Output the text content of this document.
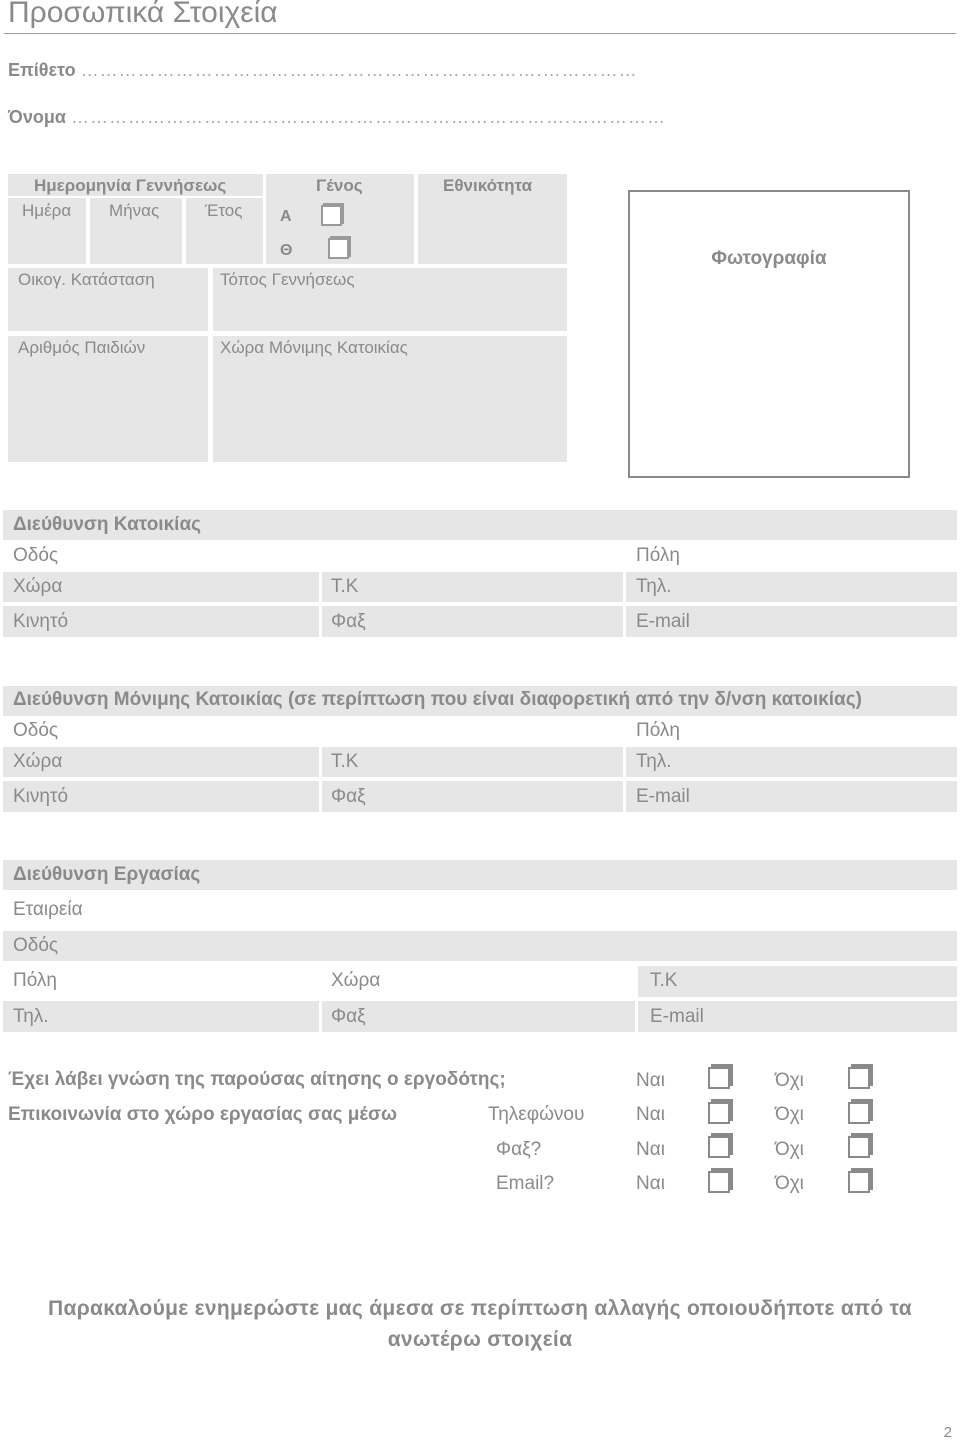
Προσωπικά Στοιχεία
Επίθετο ……………………………………………………………….……………
Όνομα …………………………………………………………………….……………
Ημερομηνία Γεννήσεως
Ημέρα Μήνας	Έτος
Γένος
Α
Θ
Εθνικότητα
Φωτογραφία
Οικογ. Κατάσταση	Τόπος Γεννήσεως
Αριθμός Παιδιών	Χώρα Μόνιμης Κατοικίας
Διεύθυνση Κατοικίας
Οδός	Πόλη
Χώρα	Τ.Κ	Τηλ.
Κινητό	Φαξ	E-mail
Διεύθυνση Μόνιμης Κατοικίας (σε περίπτωση που είναι διαφορετική από την δ/νση κατοικίας)
Οδός	Πόλη
Χώρα	Τ.Κ	Τηλ.
Κινητό	Φαξ	E-mail
Διεύθυνση Εργασίας
Εταιρεία
Οδός
Πόλη	Χώρα	Τ.Κ
Τηλ.	Φαξ	E-mail
Έχει λάβει γνώση της παρούσας αίτησης ο εργοδότης;	Ναι	Όχι
Επικοινωνία στο χώρο εργασίας σας μέσω	Τηλεφώνου	Ναι	Όχι
Φαξ?	Ναι	Όχι
Email?	Ναι	Όχι
Παρακαλούμε ενημερώστε μας άμεσα σε περίπτωση αλλαγής οποιουδήποτε από τα ανωτέρω στοιχεία
2
